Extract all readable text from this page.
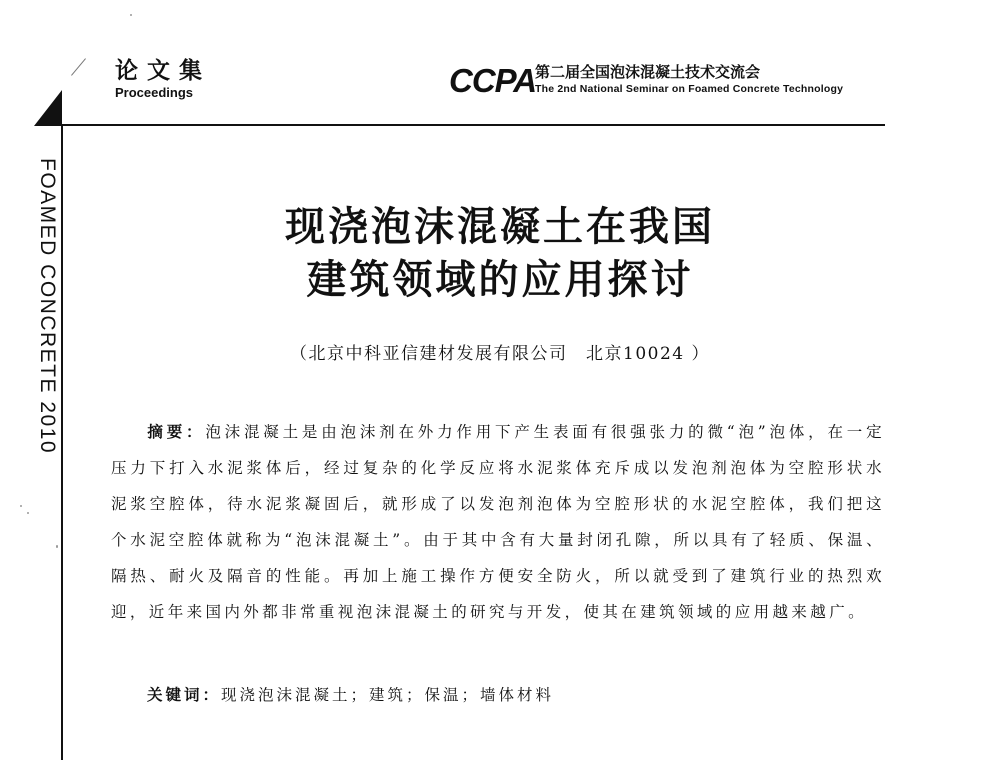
论文集
Proceedings	CCPA
第二届全国泡沫混凝土技术交流会
The 2nd National Seminar on Foamed Concrete Technology
FOAMED CONCRETE 2010	现浇泡沫混凝土在我国
建筑领域的应用探讨
（北京中科亚信建材发展有限公司　北京10024 ）

摘要：泡沫混凝土是由泡沫剂在外力作用下产生表面有很强张力的微“泡”泡体，在一定压力下打入水泥浆体后，经过复杂的化学反应将水泥浆体充斥成以发泡剂泡体为空腔形状水泥浆空腔体，待水泥浆凝固后，就形成了以发泡剂泡体为空腔形状的水泥空腔体，我们把这个水泥空腔体就称为“泡沫混凝土”。由于其中含有大量封闭孔隙，所以具有了轻质、保温、隔热、耐火及隔音的性能。再加上施工操作方便安全防火，所以就受到了建筑行业的热烈欢迎，近年来国内外都非常重视泡沫混凝土的研究与开发，使其在建筑领域的应用越来越广。

关键词：现浇泡沫混凝土；建筑；保温；墙体材料
